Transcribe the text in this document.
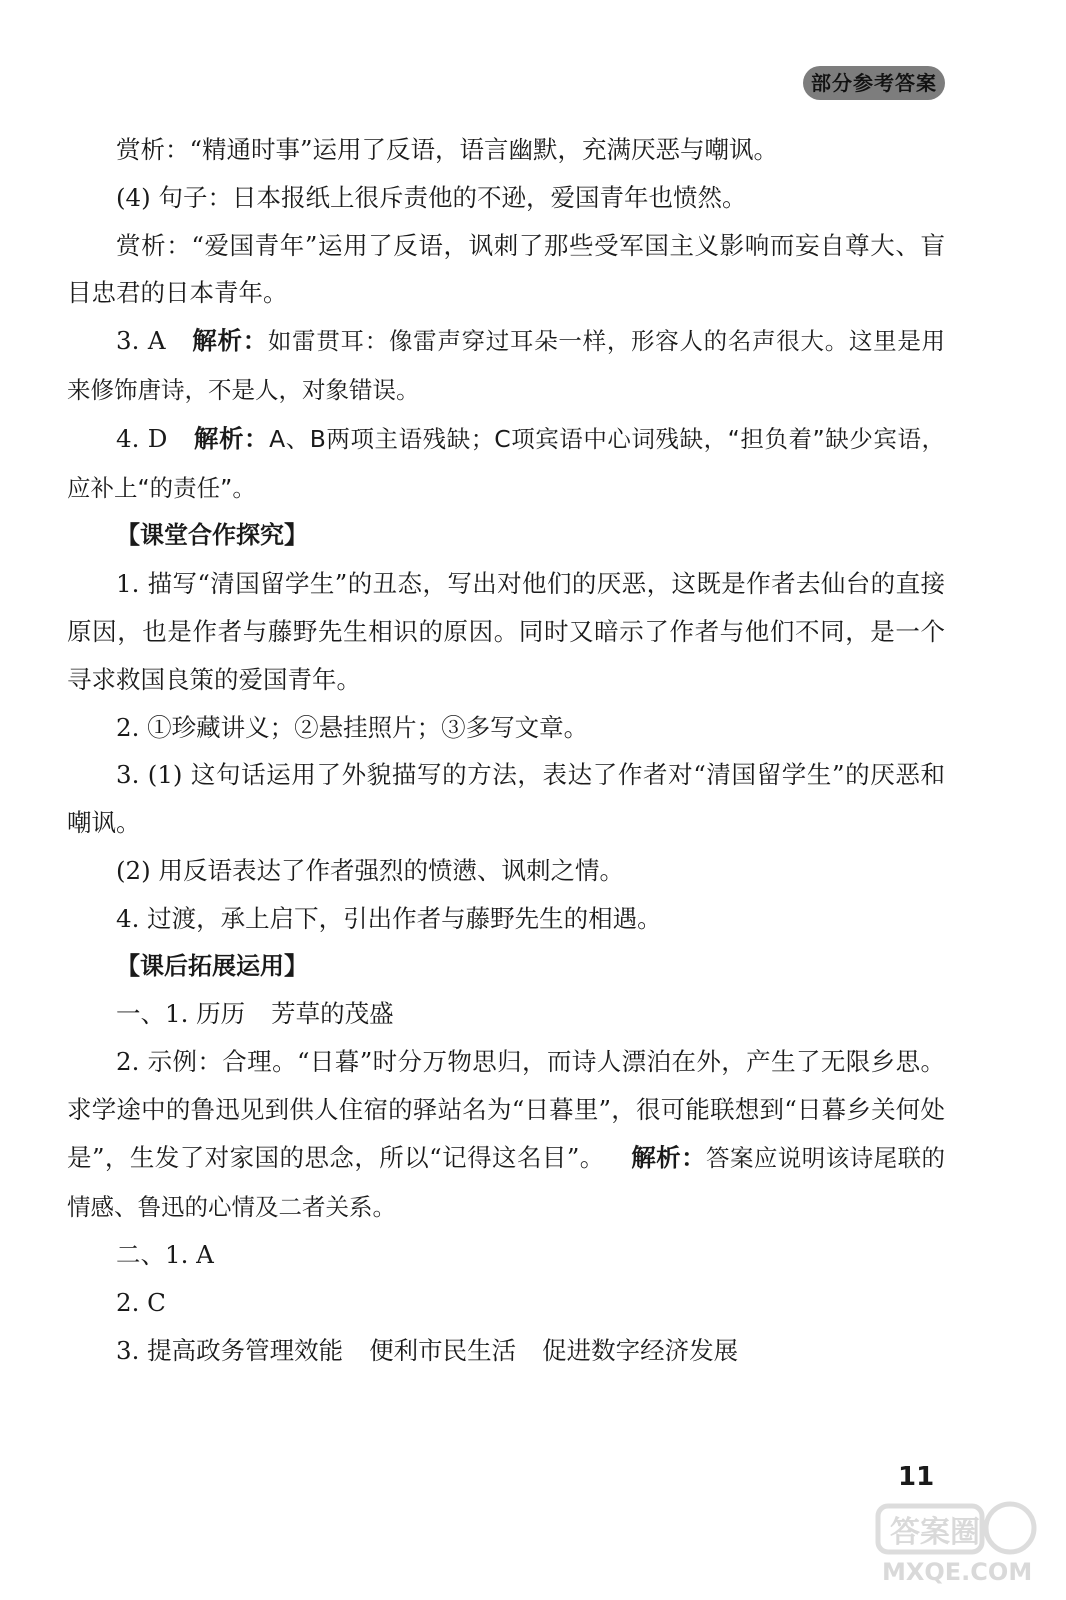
部分参考答案

赏析：“精通时事”运用了反语，语言幽默，充满厌恶与嘲讽。

(4) 句子：日本报纸上很斥责他的不逊，爱国青年也愤然。

赏析：“爱国青年”运用了反语，讽刺了那些受军国主义影响而妄自尊大、盲目忠君的日本青年。

3. A 解析：如雷贯耳：像雷声穿过耳朵一样，形容人的名声很大。这里是用来修饰唐诗，不是人，对象错误。

4. D 解析：A、B两项主语残缺；C项宾语中心词残缺，“担负着”缺少宾语，应补上“的责任”。

【课堂合作探究】

1. 描写“清国留学生”的丑态，写出对他们的厌恶，这既是作者去仙台的直接原因，也是作者与藤野先生相识的原因。同时又暗示了作者与他们不同，是一个寻求救国良策的爱国青年。

2. ①珍藏讲义；②悬挂照片；③多写文章。

3. (1) 这句话运用了外貌描写的方法，表达了作者对“清国留学生”的厌恶和嘲讽。

(2) 用反语表达了作者强烈的愤懑、讽刺之情。

4. 过渡，承上启下，引出作者与藤野先生的相遇。

【课后拓展运用】

一、1. 历历 芳草的茂盛

2. 示例：合理。“日暮”时分万物思归，而诗人漂泊在外，产生了无限乡思。求学途中的鲁迅见到供人住宿的驿站名为“日暮里”，很可能联想到“日暮乡关何处是”，生发了对家国的思念，所以“记得这名目”。 解析：答案应说明该诗尾联的情感、鲁迅的心情及二者关系。

二、1. A

2. C

3. 提高政务管理效能 便利市民生活 促进数字经济发展

11
答案圈
MXQE.COM
